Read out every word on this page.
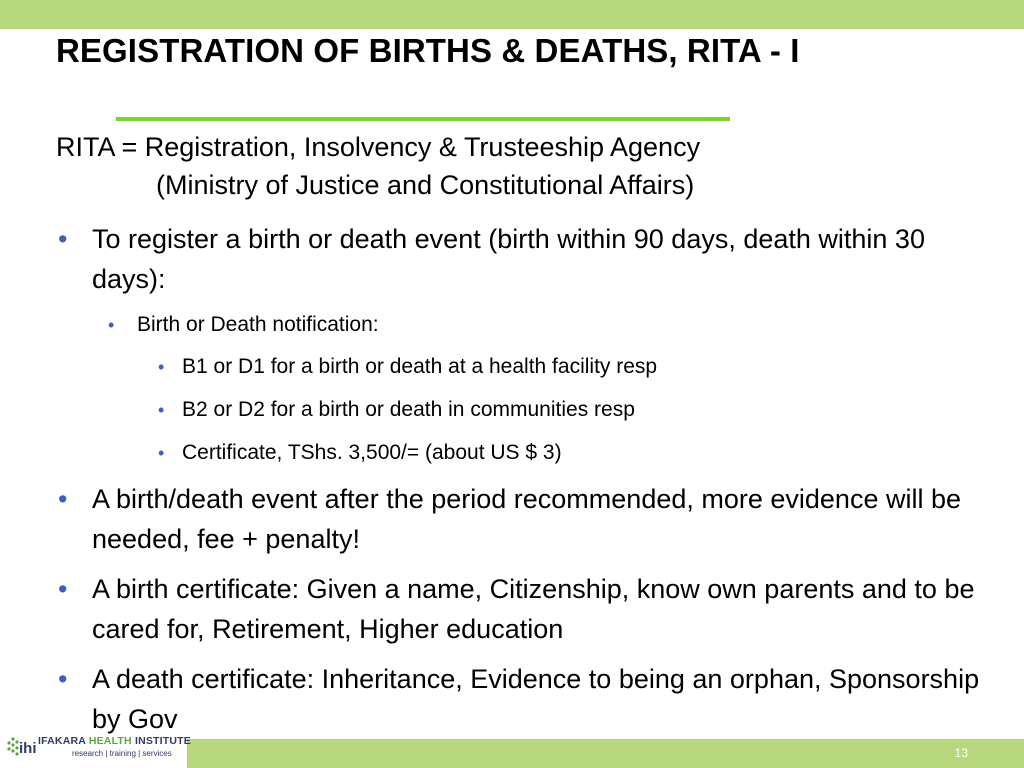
REGISTRATION OF BIRTHS & DEATHS, RITA - I
RITA = Registration, Insolvency & Trusteeship Agency
(Ministry of Justice and Constitutional Affairs)
• To register a birth or death event (birth within 90 days, death within 30 days):
• Birth or Death notification:
• B1 or D1 for a birth or death at a health facility resp
• B2 or D2 for a birth or death in communities resp
• Certificate, TShs. 3,500/= (about US $ 3)
• A birth/death event after the period recommended, more evidence will be needed, fee + penalty!
• A birth certificate: Given a name, Citizenship, know own parents and to be cared for, Retirement, Higher education
• A death certificate: Inheritance, Evidence to being an orphan, Sponsorship by Gov
13
ihi IFAKARA HEALTH INSTITUTE
research | training | services
